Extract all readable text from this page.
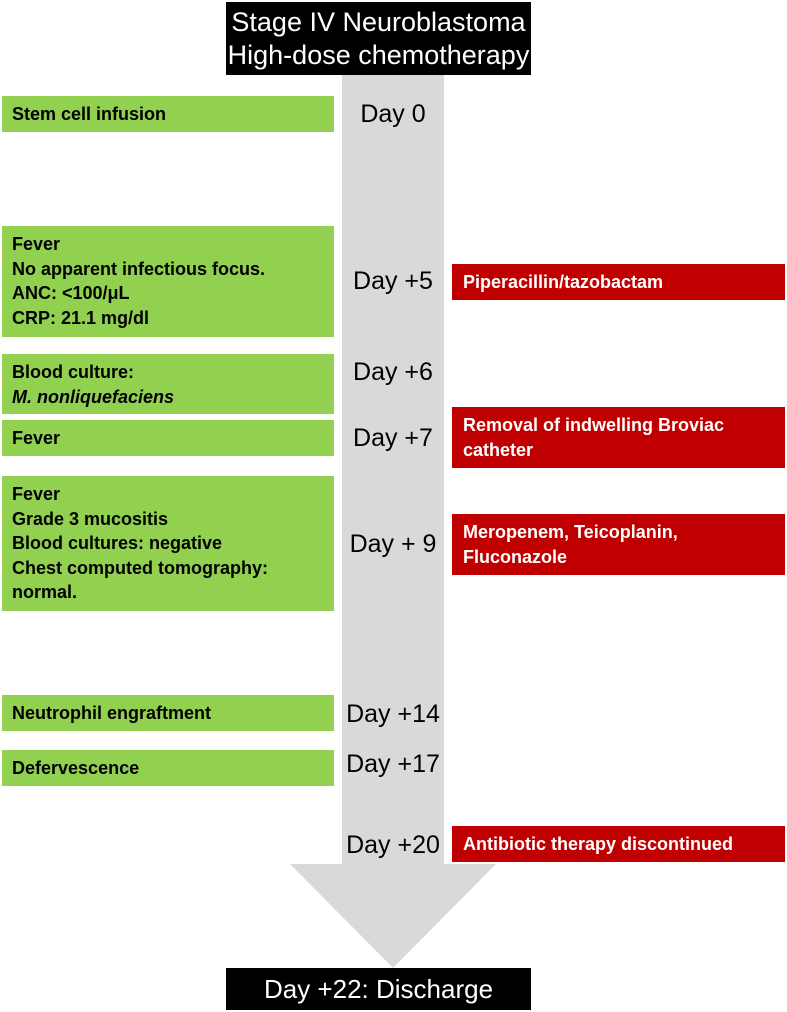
Stage IV Neuroblastoma
High-dose chemotherapy
Day 0
Day +5
Day +6
Day +7
Day + 9
Day +14
Day +17
Day +20
Stem cell infusion
Fever
No apparent infectious focus.
ANC: <100/μL
CRP: 21.1 mg/dl
Blood culture:
M. nonliquefaciens
Fever
Fever
Grade 3 mucositis
Blood cultures: negative
Chest computed tomography:
normal.
Neutrophil engraftment
Defervescence
Piperacillin/tazobactam
Removal of indwelling Broviac
catheter
Meropenem, Teicoplanin,
Fluconazole
Antibiotic therapy discontinued
Day +22: Discharge
